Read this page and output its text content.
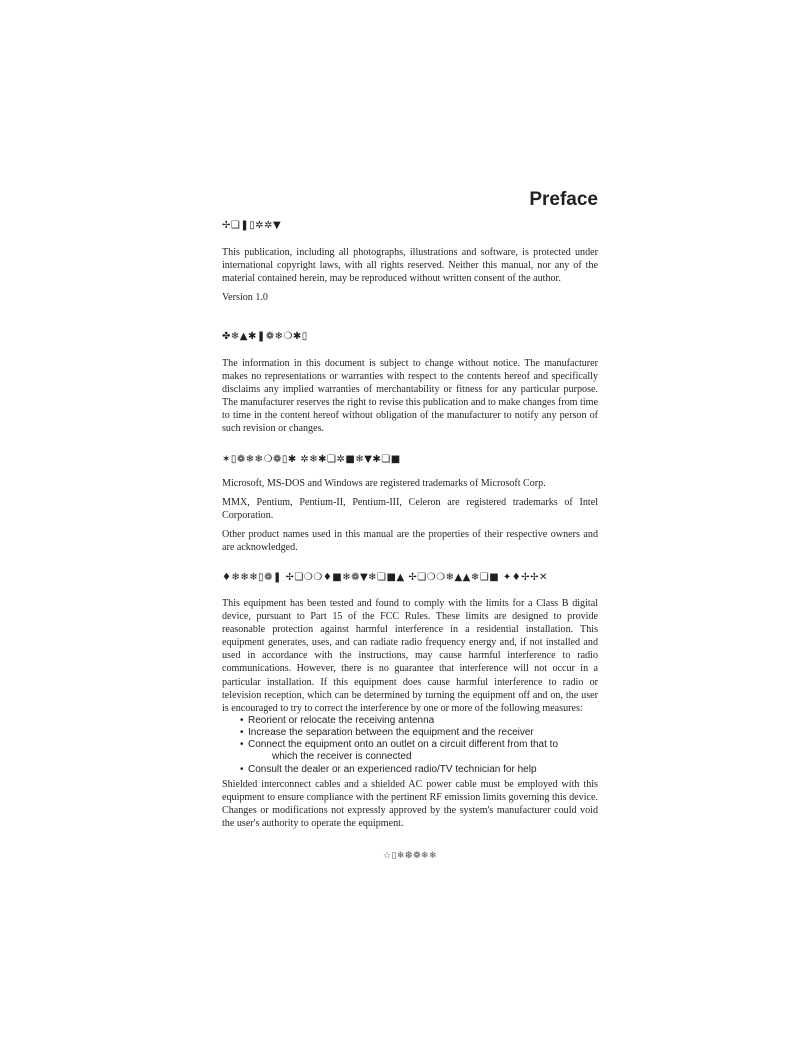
Preface
✢❏❚▯✲✲▼

This publication, including all photographs, illustrations and software, is protected under international copyright laws, with all rights reserved. Neither this manual, nor any of the material contained herein, may be reproduced without written consent of the author.

Version 1.0

✤❄▲✱❚❁❄❍✱▯

The information in this document is subject to change without notice. The manufacturer makes no representations or warranties with respect to the contents hereof and specifically disclaims any implied warranties of merchantability or fitness for any particular purpose. The manufacturer reserves the right to revise this publication and to make changes from time to time in the content hereof without obligation of the manufacturer to notify any person of such revision or changes.

✶▯❁❄❄❍❁▯✱ ✲❄✱❏✲■❄▼✱❏■

Microsoft, MS-DOS and Windows are registered trademarks of Microsoft Corp.

MMX, Pentium, Pentium-II, Pentium-III, Celeron are registered trademarks of Intel Corporation.

Other product names used in this manual are the properties of their respective owners and are acknowledged.

♦❄❄❄▯❁❚ ✢❏❍❍♦■❄❁▼❄❏■▲ ✢❏❍❍❄▲▲❄❏■ ✦♦✢✢✕

This equipment has been tested and found to comply with the limits for a Class B digital device, pursuant to Part 15 of the FCC Rules. These limits are designed to provide reasonable protection against harmful interference in a residential installation. This equipment generates, uses, and can radiate radio frequency energy and, if not installed and used in accordance with the instructions, may cause harmful interference to radio communications. However, there is no guarantee that interference will not occur in a particular installation. If this equipment does cause harmful interference to radio or television reception, which can be determined by turning the equipment off and on, the user is encouraged to try to correct the interference by one or more of the following measures:

• Reorient or relocate the receiving antenna
• Increase the separation between the equipment and the receiver
• Connect the equipment onto an outlet on a circuit different from that to
which the receiver is connected
• Consult the dealer or an experienced radio/TV technician for help

Shielded interconnect cables and a shielded AC power cable must be employed with this equipment to ensure compliance with the pertinent RF emission limits governing this device. Changes or modifications not expressly approved by the system's manufacturer could void the user's authority to operate the equipment.

☆▯❄❆❁❄❄
